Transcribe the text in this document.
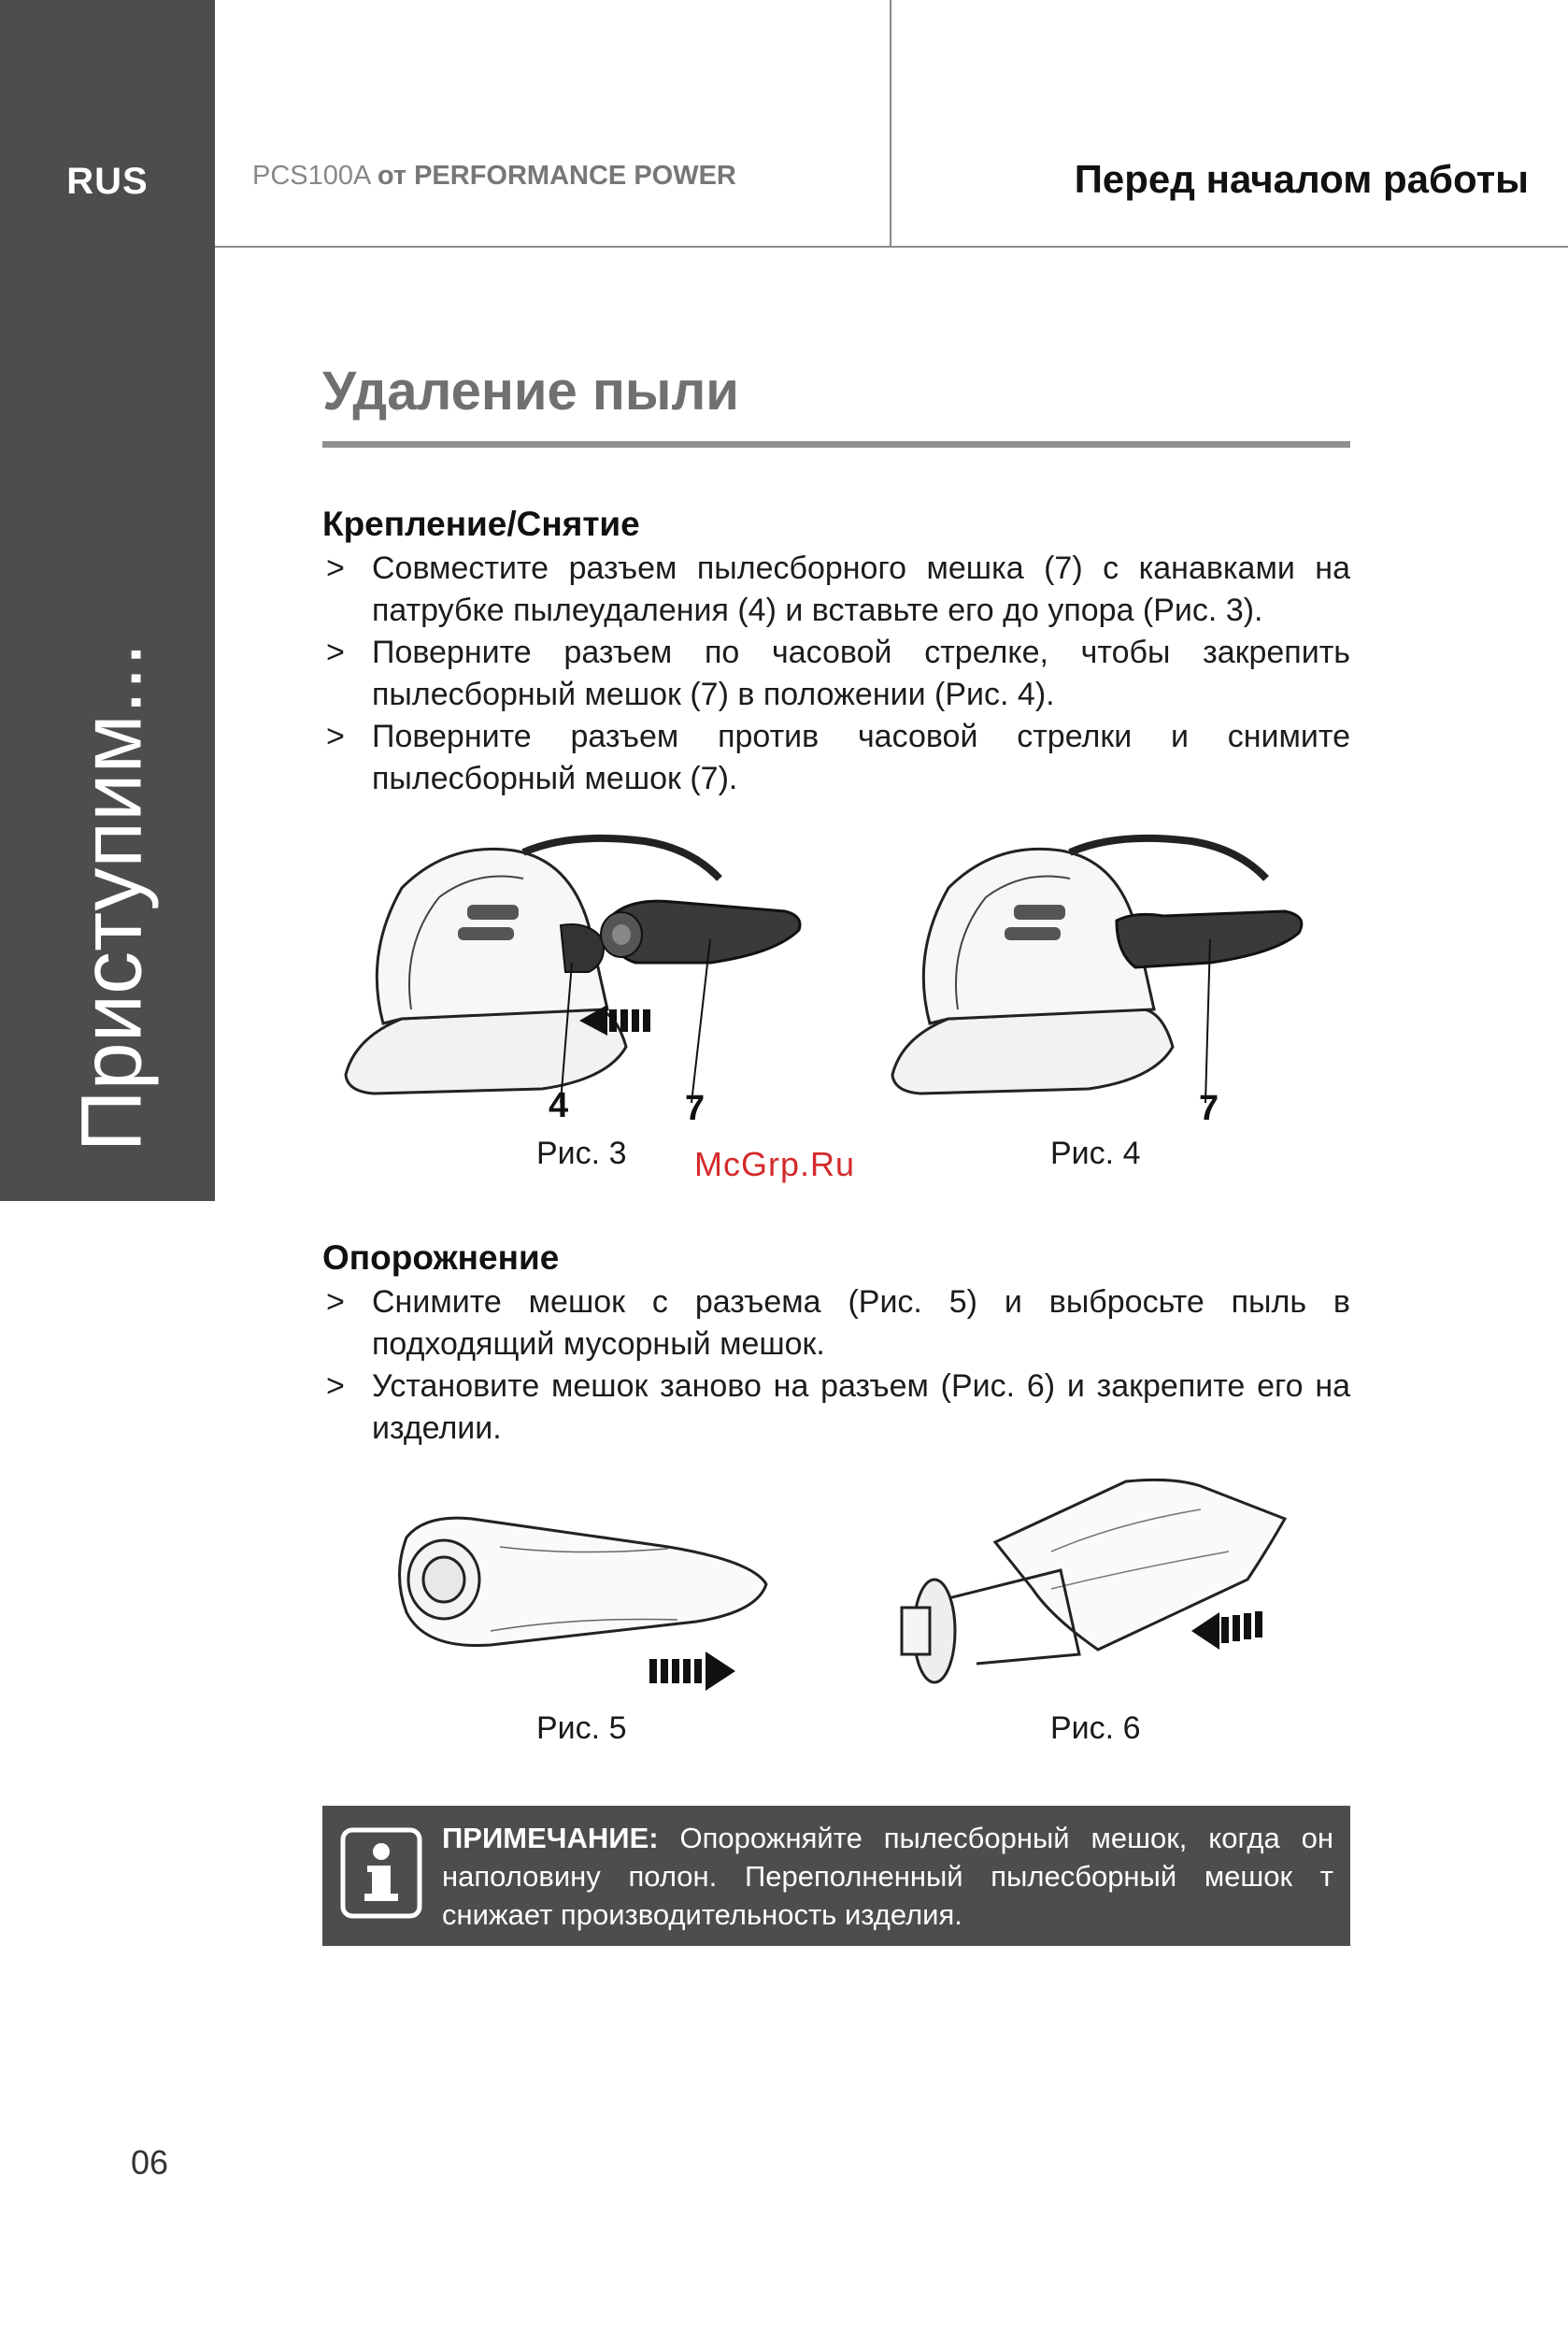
RUS
Приступим...
PCS100A от PERFORMANCE POWER	Перед началом работы
Удаление пыли
Крепление/Снятие
> Совместите разъем пылесборного мешка (7) с канавками на патрубке пылеудаления (4) и вставьте его до упора (Рис. 3).
> Поверните разъем по часовой стрелке, чтобы закрепить пылесборный мешок (7) в положении (Рис. 4).
> Поверните разъем против часовой стрелки и снимите пылесборный мешок (7).
4	7
Рис. 3
7
Рис. 4
McGrp.Ru
Опорожнение
> Снимите мешок с разъема (Рис. 5) и выбросьте пыль в подходящий мусорный мешок.
> Установите мешок заново на разъем (Рис. 6) и закрепите его на изделии.
Рис. 5	Рис. 6
ПРИМЕЧАНИЕ: Опорожняйте пылесборный мешок, когда он наполовину полон. Переполненный пылесборный мешок т снижает производительность изделия.
06
